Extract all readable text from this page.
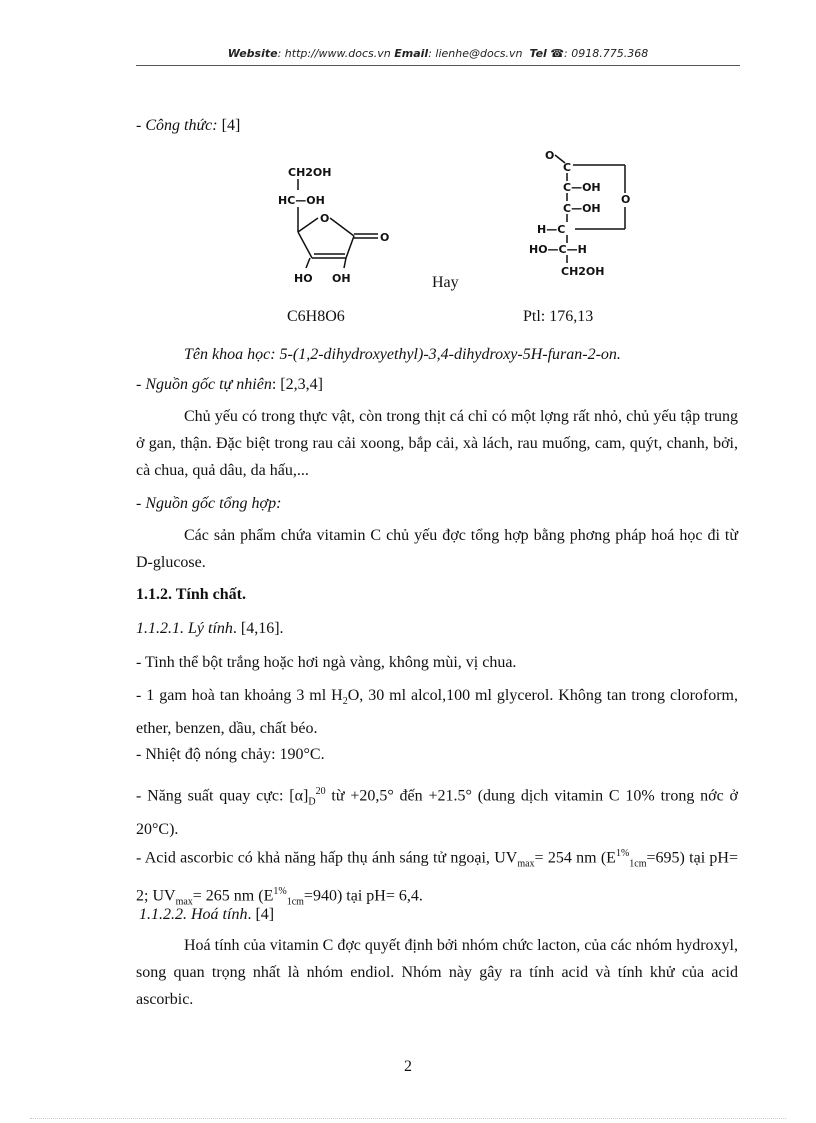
Website: http://www.docs.vn Email: lienhe@docs.vn Tel ☎: 0918.775.368
- Công thức: [4]
CH2OH
HC—OH
O
O
HO OH
O
C
O
C—OH
C—OH
H—C
HO—C—H
CH2OH
Hay
C6H8O6	Ptl: 176,13
Tên khoa học: 5-(1,2-dihydroxyethyl)-3,4-dihydroxy-5H-furan-2-on.
- Nguồn gốc tự nhiên: [2,3,4]
Chủ yếu có trong thực vật, còn trong thịt cá chỉ có một lợng rất nhỏ, chủ yếu tập trung ở gan, thận. Đặc biệt trong rau cải xoong, bắp cải, xà lách, rau muống, cam, quýt, chanh, bởi, cà chua, quả dâu, da hấu,...
- Nguồn gốc tổng hợp:
Các sản phẩm chứa vitamin C chủ yếu đợc tổng hợp bằng phơng pháp hoá học đi từ D-glucose.
1.1.2. Tính chất.
1.1.2.1. Lý tính. [4,16].
- Tinh thể bột trắng hoặc hơi ngà vàng, không mùi, vị chua.
- 1 gam hoà tan khoảng 3 ml $H_2O$, 30 ml alcol,100 ml glycerol. Không tan trong cloroform, ether, benzen, dầu, chất béo.
- Nhiệt độ nóng chảy: 190°C.
- Năng suất quay cực: $[\alpha]_D^{20}$ từ +20,5° đến +21.5° (dung dịch vitamin C 10% trong nớc ở 20°C).
- Acid ascorbic có khả năng hấp thụ ánh sáng tử ngoại, $UV_{max}= 254$ nm $(E^{1\%}_{1cm}=695)$ tại pH= 2; $UV_{max}= 265$ nm $(E^{1\%}_{1cm}=940)$ tại pH= 6,4.
1.1.2.2. Hoá tính. [4]
Hoá tính của vitamin C đợc quyết định bởi nhóm chức lacton, của các nhóm hydroxyl, song quan trọng nhất là nhóm endiol. Nhóm này gây ra tính acid và tính khử của acid ascorbic.
2
